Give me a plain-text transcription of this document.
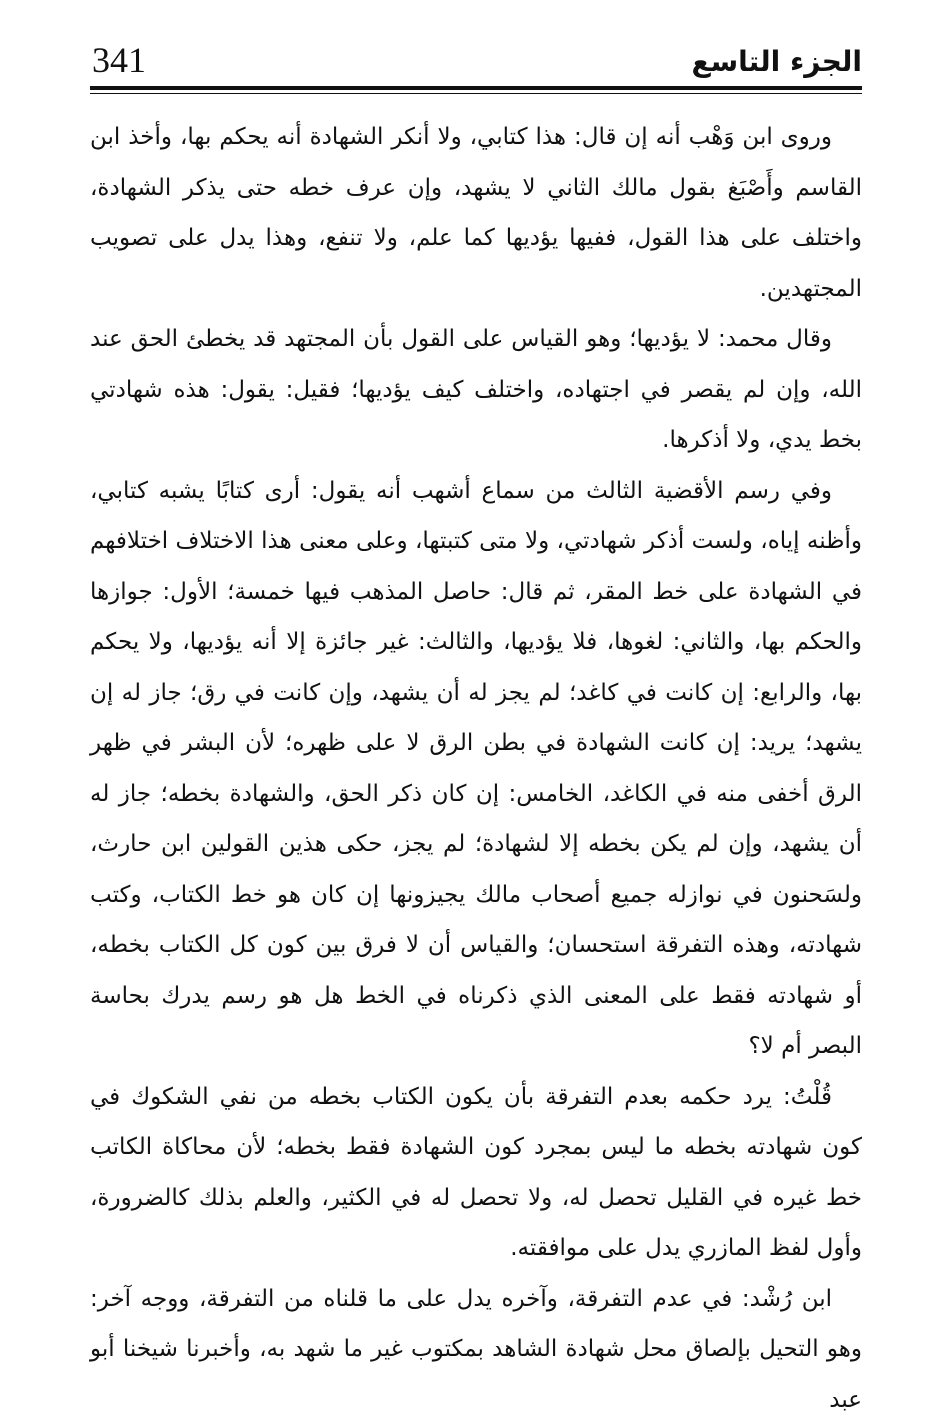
341	الجزء التاسع

وروى ابن وَهْب أنه إن قال: هذا كتابي، ولا أنكر الشهادة أنه يحكم بها، وأخذ ابن القاسم وأَصْبَغ بقول مالك الثاني لا يشهد، وإن عرف خطه حتى يذكر الشهادة، واختلف على هذا القول، ففيها يؤديها كما علم، ولا تنفع، وهذا يدل على تصويب المجتهدين.

وقال محمد: لا يؤديها؛ وهو القياس على القول بأن المجتهد قد يخطئ الحق عند الله، وإن لم يقصر في اجتهاده، واختلف كيف يؤديها؛ فقيل: يقول: هذه شهادتي بخط يدي، ولا أذكرها.

وفي رسم الأقضية الثالث من سماع أشهب أنه يقول: أرى كتابًا يشبه كتابي، وأظنه إياه، ولست أذكر شهادتي، ولا متى كتبتها، وعلى معنى هذا الاختلاف اختلافهم في الشهادة على خط المقر، ثم قال: حاصل المذهب فيها خمسة؛ الأول: جوازها والحكم بها، والثاني: لغوها، فلا يؤديها، والثالث: غير جائزة إلا أنه يؤديها، ولا يحكم بها، والرابع: إن كانت في كاغد؛ لم يجز له أن يشهد، وإن كانت في رق؛ جاز له إن يشهد؛ يريد: إن كانت الشهادة في بطن الرق لا على ظهره؛ لأن البشر في ظهر الرق أخفى منه في الكاغد، الخامس: إن كان ذكر الحق، والشهادة بخطه؛ جاز له أن يشهد، وإن لم يكن بخطه إلا لشهادة؛ لم يجز، حكى هذين القولين ابن حارث، ولسَحنون في نوازله جميع أصحاب مالك يجيزونها إن كان هو خط الكتاب، وكتب شهادته، وهذه التفرقة استحسان؛ والقياس أن لا فرق بين كون كل الكتاب بخطه، أو شهادته فقط على المعنى الذي ذكرناه في الخط هل هو رسم يدرك بحاسة البصر أم لا؟

قُلْتُ: يرد حكمه بعدم التفرقة بأن يكون الكتاب بخطه من نفي الشكوك في كون شهادته بخطه ما ليس بمجرد كون الشهادة فقط بخطه؛ لأن محاكاة الكاتب خط غيره في القليل تحصل له، ولا تحصل له في الكثير، والعلم بذلك كالضرورة، وأول لفظ المازري يدل على موافقته.

ابن رُشْد: في عدم التفرقة، وآخره يدل على ما قلناه من التفرقة، ووجه آخر: وهو التحيل بإلصاق محل شهادة الشاهد بمكتوب غير ما شهد به، وأخبرنا شيخنا أبو عبد
